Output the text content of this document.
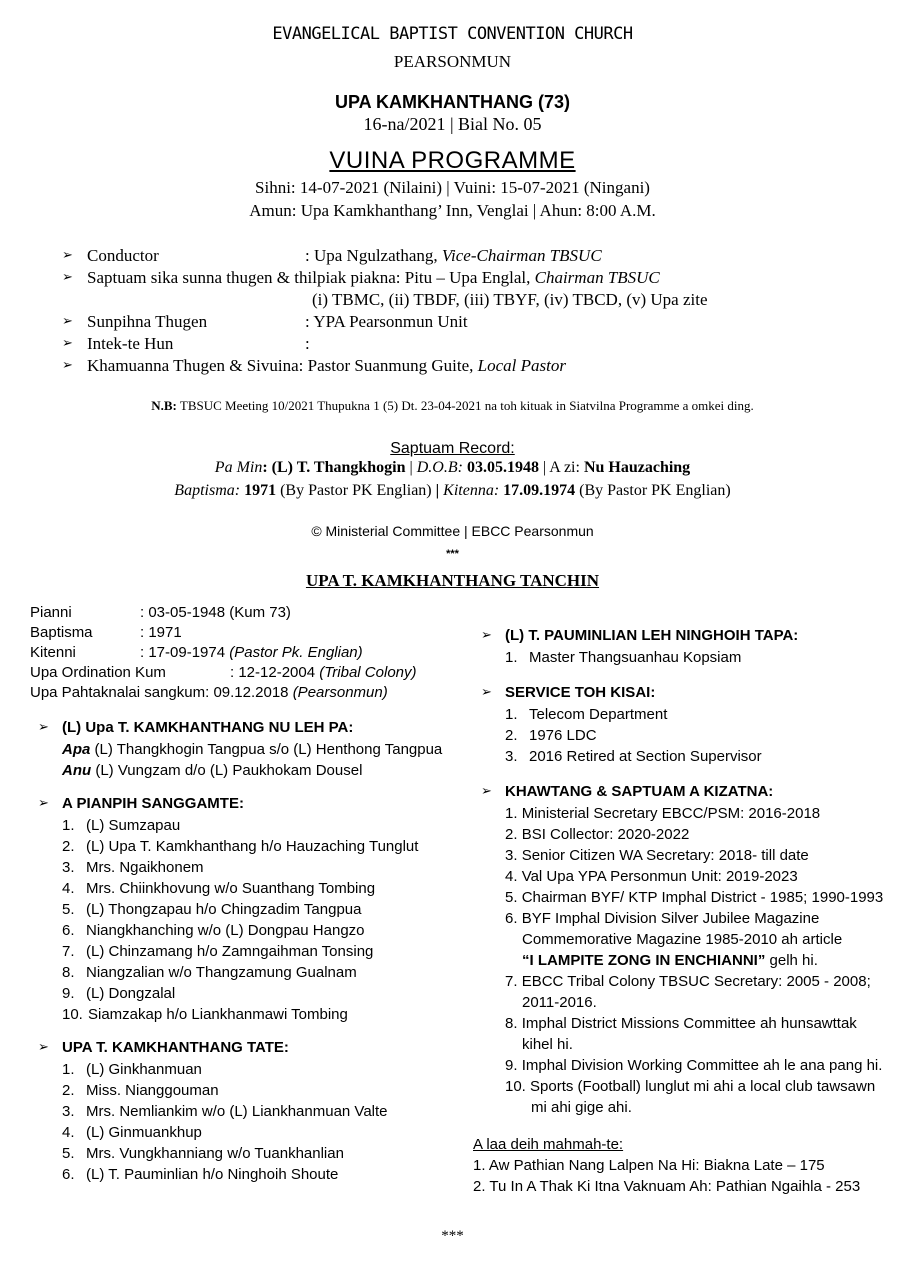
EVANGELICAL BAPTIST CONVENTION CHURCH
PEARSONMUN
UPA KAMKHANTHANG (73)
16-na/2021 | Bial No. 05
VUINA PROGRAMME
Sihni: 14-07-2021 (Nilaini) | Vuini: 15-07-2021 (Ningani)
Amun: Upa Kamkhanthang’ Inn, Venglai | Ahun: 8:00 A.M.
➢ Conductor	: Upa Ngulzathang, Vice-Chairman TBSUC
➢ Saptuam sika sunna thugen & thilpiak piakna: Pitu – Upa Englal, Chairman TBSUC
(i) TBMC, (ii) TBDF, (iii) TBYF, (iv) TBCD, (v) Upa zite
➢ Sunpihna Thugen	: YPA Pearsonmun Unit
➢ Intek-te Hun	:
➢ Khamuanna Thugen & Sivuina: Pastor Suanmung Guite, Local Pastor
N.B: TBSUC Meeting 10/2021 Thupukna 1 (5) Dt. 23-04-2021 na toh kituak in Siatvilna Programme a omkei ding.
Saptuam Record:
Pa Min: (L) T. Thangkhogin | D.O.B: 03.05.1948 | A zi: Nu Hauzaching
Baptisma: 1971 (By Pastor PK Englian) | Kitenna: 17.09.1974 (By Pastor PK Englian)
© Ministerial Committee | EBCC Pearsonmun
***
UPA T. KAMKHANTHANG TANCHIN
Pianni	: 03-05-1948 (Kum 73)
Baptisma	: 1971
Kitenni	: 17-09-1974 (Pastor Pk. Englian)
Upa Ordination Kum	: 12-12-2004 (Tribal Colony)
Upa Pahtaknalai sangkum: 09.12.2018 (Pearsonmun)
➢ (L) Upa T. KAMKHANTHANG NU LEH PA:
Apa (L) Thangkhogin Tangpua s/o (L) Henthong Tangpua
Anu (L) Vungzam d/o (L) Paukhokam Dousel
➢ A PIANPIH SANGGAMTE:
1. (L) Sumzapau
2. (L) Upa T. Kamkhanthang h/o Hauzaching Tunglut
3. Mrs. Ngaikhonem
4. Mrs. Chiinkhovung w/o Suanthang Tombing
5. (L) Thongzapau h/o Chingzadim Tangpua
6. Niangkhanching w/o (L) Dongpau Hangzo
7. (L) Chinzamang h/o Zamngaihman Tonsing
8. Niangzalian w/o Thangzamung Gualnam
9. (L) Dongzalal
10. Siamzakap h/o Liankhanmawi Tombing
➢ UPA T. KAMKHANTHANG TATE:
1. (L) Ginkhanmuan
2. Miss. Nianggouman
3. Mrs. Nemliankim w/o (L) Liankhanmuan Valte
4. (L) Ginmuankhup
5. Mrs. Vungkhanniang w/o Tuankhanlian
6. (L) T. Pauminlian h/o Ninghoih Shoute
➢ (L) T. PAUMINLIAN LEH NINGHOIH TAPA:
1. Master Thangsuanhau Kopsiam
➢ SERVICE TOH KISAI:
1. Telecom Department
2. 1976 LDC
3. 2016 Retired at Section Supervisor
➢ KHAWTANG & SAPTUAM A KIZATNA:
1. Ministerial Secretary EBCC/PSM: 2016-2018
2. BSI Collector: 2020-2022
3. Senior Citizen WA Secretary: 2018- till date
4. Val Upa YPA Personmun Unit: 2019-2023
5. Chairman BYF/ KTP Imphal District - 1985; 1990-1993
6. BYF Imphal Division Silver Jubilee Magazine
Commemorative Magazine 1985-2010 ah article
“I LAMPITE ZONG IN ENCHIANNI” gelh hi.
7. EBCC Tribal Colony TBSUC Secretary: 2005 - 2008;
2011-2016.
8. Imphal District Missions Committee ah hunsawttak
kihel hi.
9. Imphal Division Working Committee ah le ana pang hi.
10. Sports (Football) lunglut mi ahi a local club tawsawn
mi ahi gige ahi.
A laa deih mahmah-te:
1. Aw Pathian Nang Lalpen Na Hi: Biakna Late – 175
2. Tu In A Thak Ki Itna Vaknuam Ah: Pathian Ngaihla - 253
***
